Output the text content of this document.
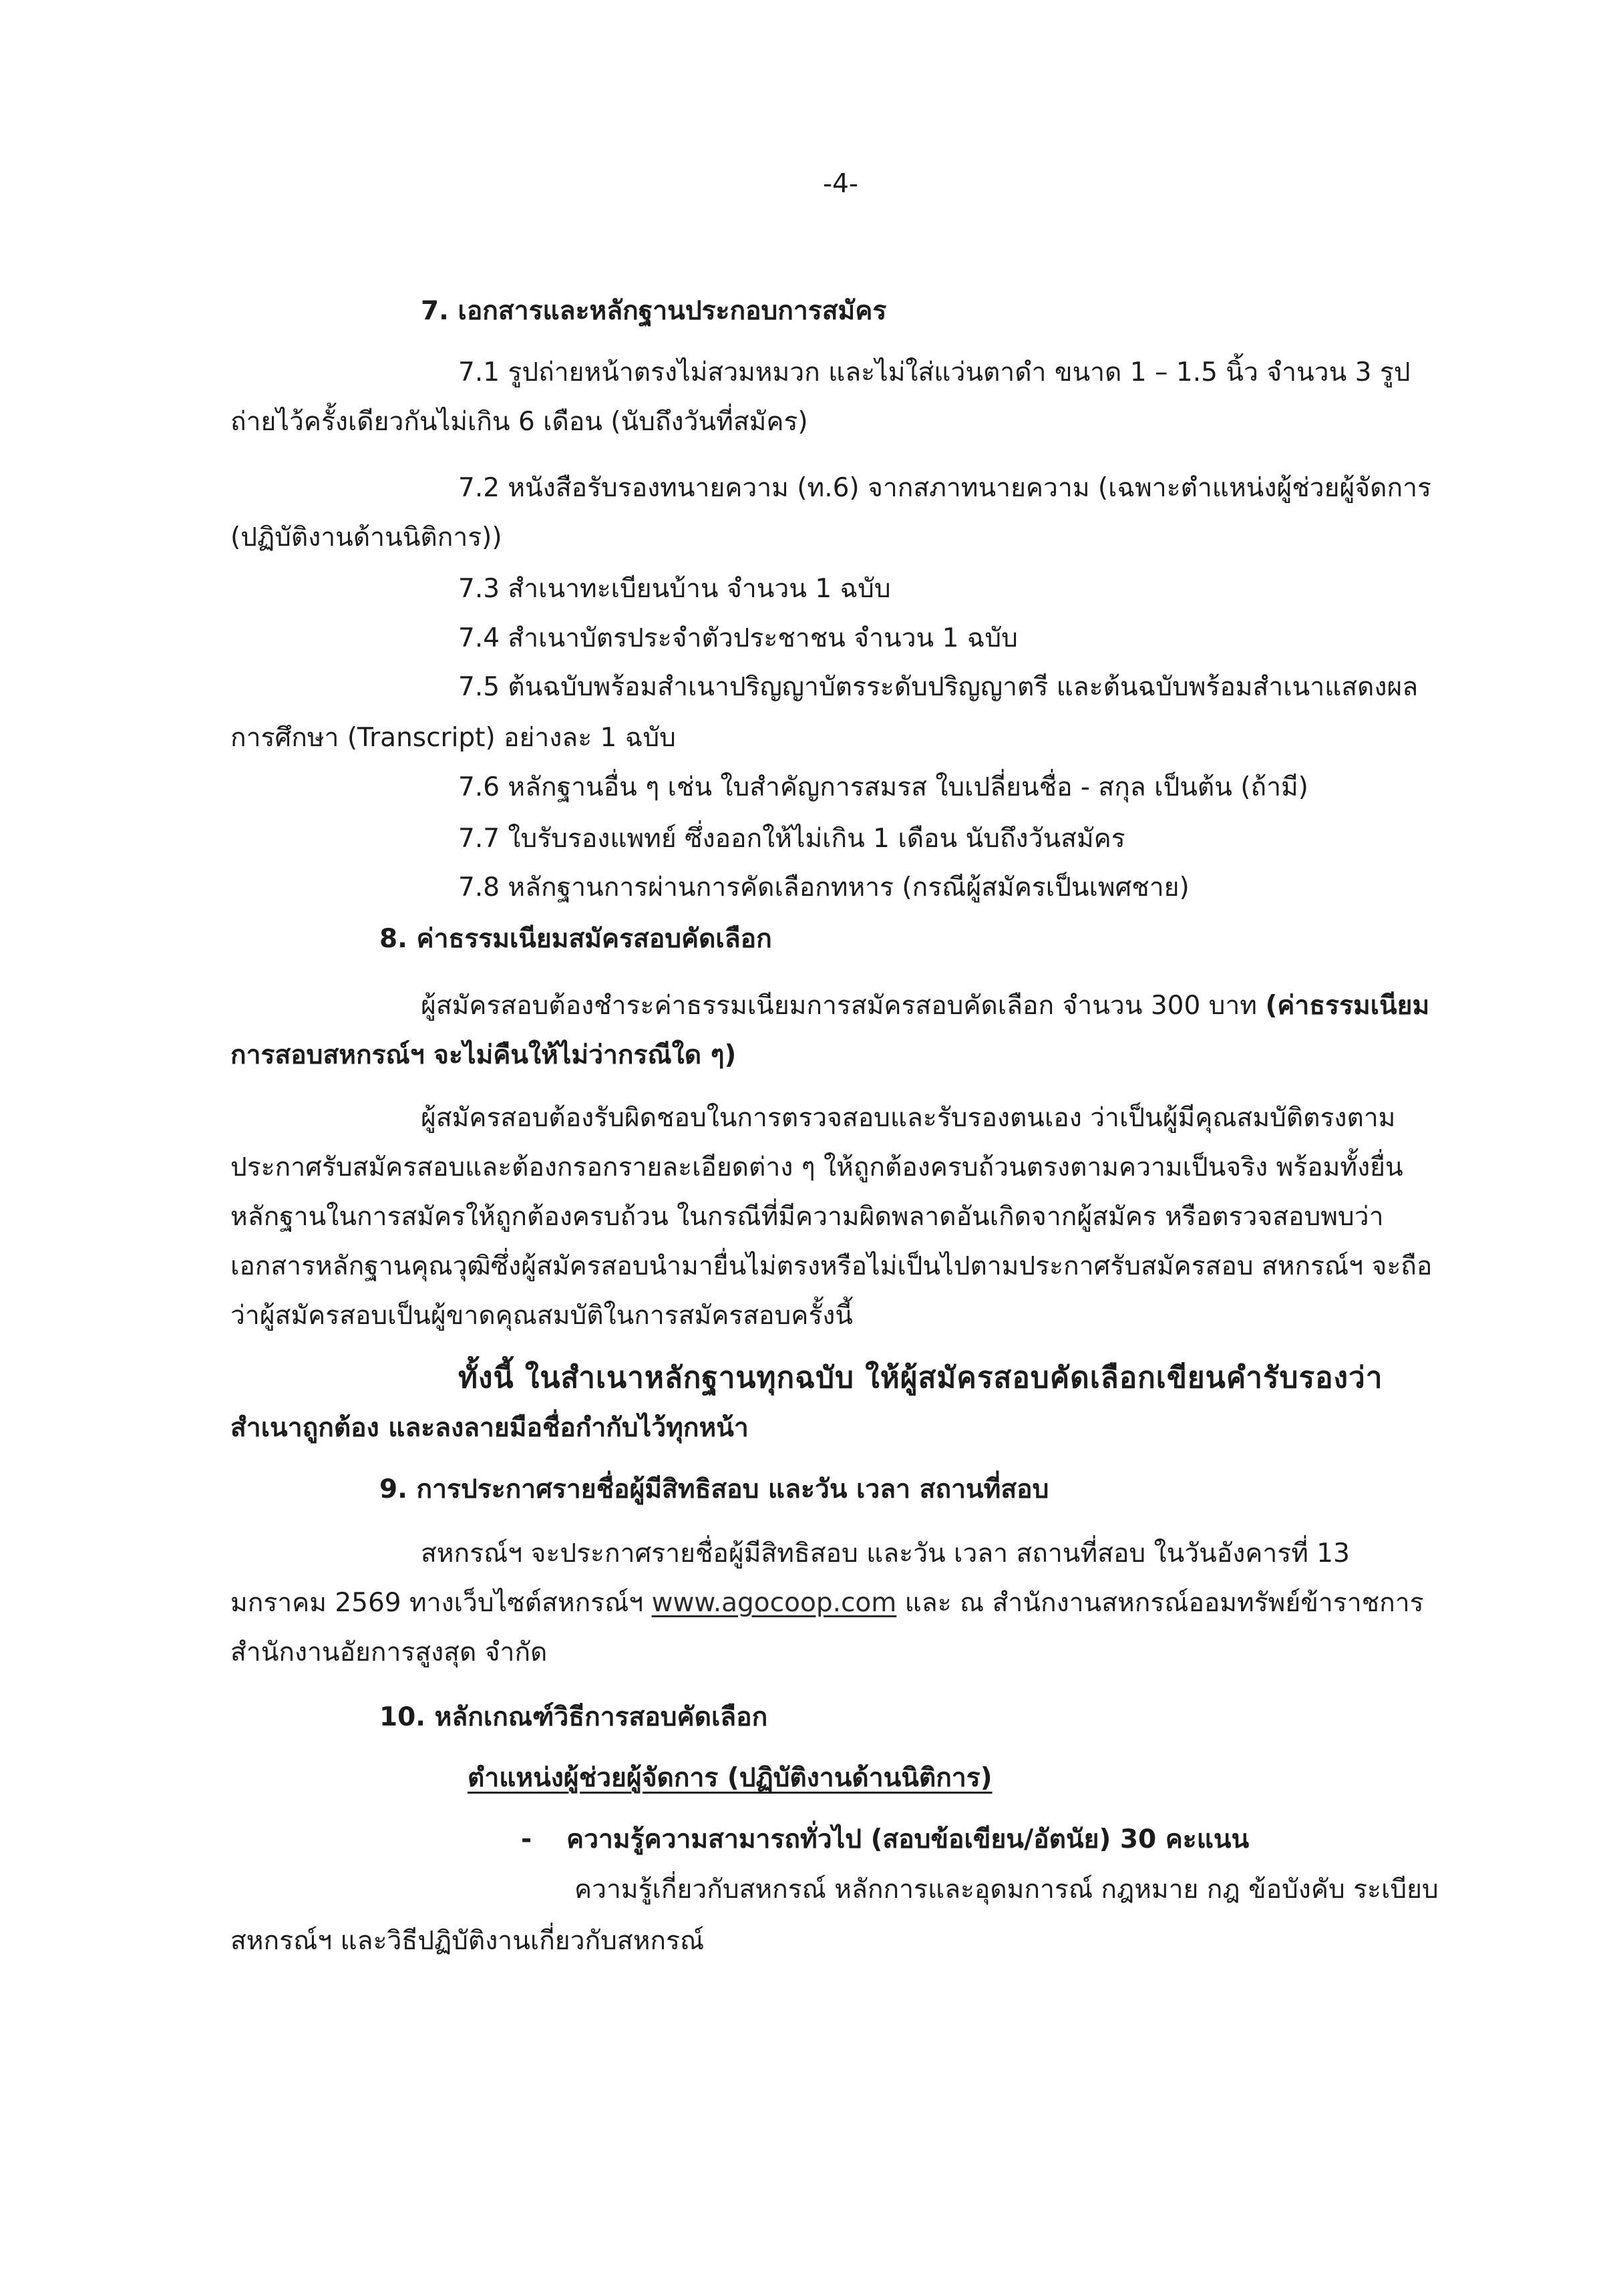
-4-
7. เอกสารและหลักฐานประกอบการสมัคร
7.1 รูปถ่ายหน้าตรงไม่สวมหมวก และไม่ใส่แว่นตาดำ ขนาด 1 – 1.5 นิ้ว จำนวน 3 รูป
ถ่ายไว้ครั้งเดียวกันไม่เกิน 6 เดือน (นับถึงวันที่สมัคร)
7.2 หนังสือรับรองทนายความ (ท.6) จากสภาทนายความ (เฉพาะตำแหน่งผู้ช่วยผู้จัดการ
(ปฏิบัติงานด้านนิติการ))
7.3 สำเนาทะเบียนบ้าน จำนวน 1 ฉบับ
7.4 สำเนาบัตรประจำตัวประชาชน จำนวน 1 ฉบับ
7.5 ต้นฉบับพร้อมสำเนาปริญญาบัตรระดับปริญญาตรี และต้นฉบับพร้อมสำเนาแสดงผล
การศึกษา (Transcript) อย่างละ 1 ฉบับ
7.6 หลักฐานอื่น ๆ เช่น ใบสำคัญการสมรส ใบเปลี่ยนชื่อ - สกุล เป็นต้น (ถ้ามี)
7.7 ใบรับรองแพทย์ ซึ่งออกให้ไม่เกิน 1 เดือน นับถึงวันสมัคร
7.8 หลักฐานการผ่านการคัดเลือกทหาร (กรณีผู้สมัครเป็นเพศชาย)
8. ค่าธรรมเนียมสมัครสอบคัดเลือก
ผู้สมัครสอบต้องชำระค่าธรรมเนียมการสมัครสอบคัดเลือก จำนวน 300 บาท (ค่าธรรมเนียม
การสอบสหกรณ์ฯ จะไม่คืนให้ไม่ว่ากรณีใด ๆ)
ผู้สมัครสอบต้องรับผิดชอบในการตรวจสอบและรับรองตนเอง ว่าเป็นผู้มีคุณสมบัติตรงตาม
ประกาศรับสมัครสอบและต้องกรอกรายละเอียดต่าง ๆ ให้ถูกต้องครบถ้วนตรงตามความเป็นจริง พร้อมทั้งยื่น
หลักฐานในการสมัครให้ถูกต้องครบถ้วน ในกรณีที่มีความผิดพลาดอันเกิดจากผู้สมัคร หรือตรวจสอบพบว่า
เอกสารหลักฐานคุณวุฒิซึ่งผู้สมัครสอบนำมายื่นไม่ตรงหรือไม่เป็นไปตามประกาศรับสมัครสอบ สหกรณ์ฯ จะถือ
ว่าผู้สมัครสอบเป็นผู้ขาดคุณสมบัติในการสมัครสอบครั้งนี้
ทั้งนี้ ในสำเนาหลักฐานทุกฉบับ ให้ผู้สมัครสอบคัดเลือกเขียนคำรับรองว่า
สำเนาถูกต้อง และลงลายมือชื่อกำกับไว้ทุกหน้า
9. การประกาศรายชื่อผู้มีสิทธิสอบ และวัน เวลา สถานที่สอบ
สหกรณ์ฯ จะประกาศรายชื่อผู้มีสิทธิสอบ และวัน เวลา สถานที่สอบ ในวันอังคารที่ 13
มกราคม 2569 ทางเว็บไซต์สหกรณ์ฯ www.agocoop.com และ ณ สำนักงานสหกรณ์ออมทรัพย์ข้าราชการ
สำนักงานอัยการสูงสุด จำกัด
10. หลักเกณฑ์วิธีการสอบคัดเลือก
ตำแหน่งผู้ช่วยผู้จัดการ (ปฏิบัติงานด้านนิติการ)
- ความรู้ความสามารถทั่วไป (สอบข้อเขียน/อัตนัย) 30 คะแนน
ความรู้เกี่ยวกับสหกรณ์ หลักการและอุดมการณ์ กฎหมาย กฎ ข้อบังคับ ระเบียบ
สหกรณ์ฯ และวิธีปฏิบัติงานเกี่ยวกับสหกรณ์
